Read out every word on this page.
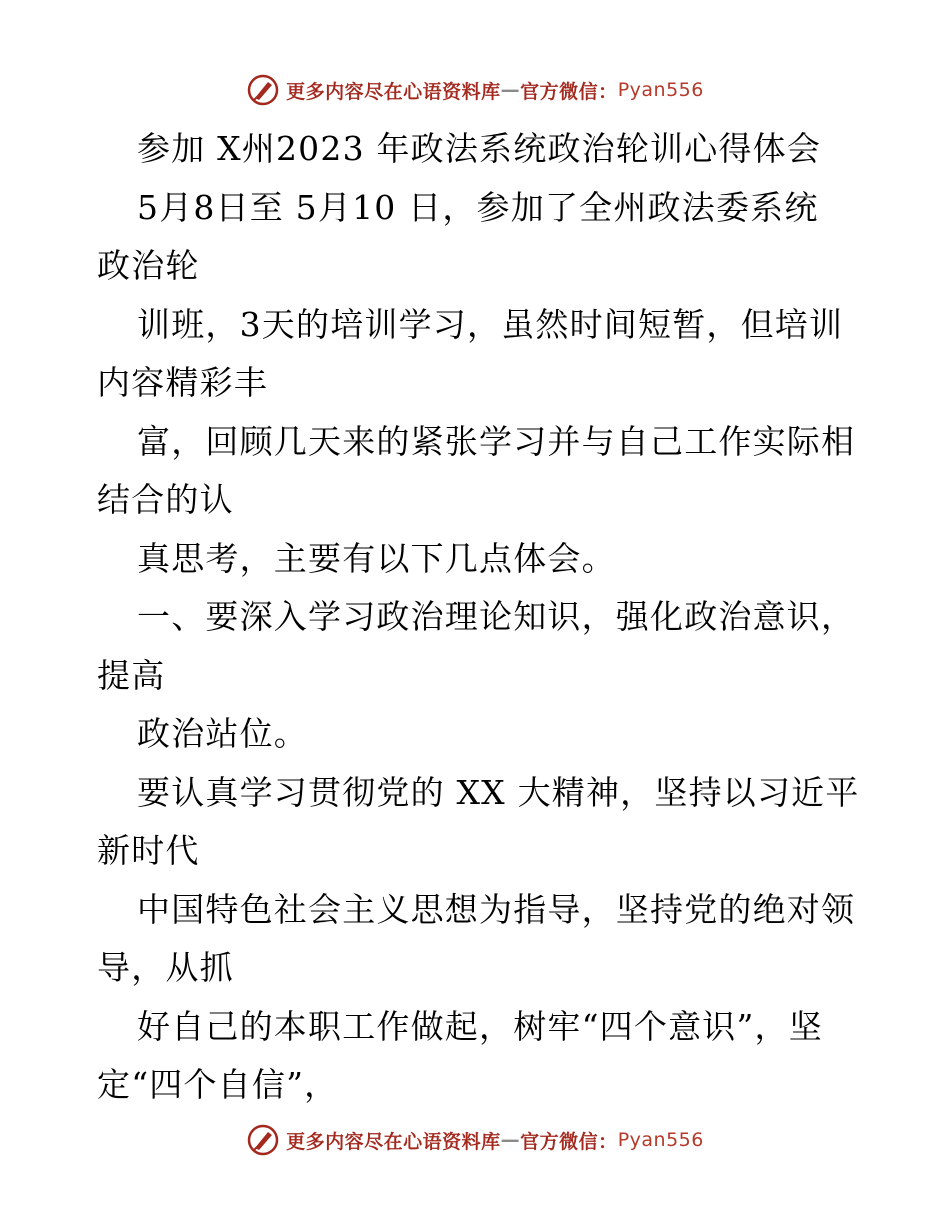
更多内容尽在心语资料库 — 官方微信： Pyan556
参加 X州2023 年政法系统政治轮训心得体会
5月8日至 5月10 日，参加了全州政法委系统
政治轮
训班，3天的培训学习，虽然时间短暂，但培训
内容精彩丰
富，回顾几天来的紧张学习并与自己工作实际相
结合的认
真思考，主要有以下几点体会。
一、要深入学习政治理论知识，强化政治意识，
提高
政治站位。
要认真学习贯彻党的 XX 大精神，坚持以习近平
新时代
中国特色社会主义思想为指导，坚持党的绝对领
导，从抓
好自己的本职工作做起，树牢“四个意识”，坚
定“四个自信”，
更多内容尽在心语资料库 — 官方微信： Pyan556
